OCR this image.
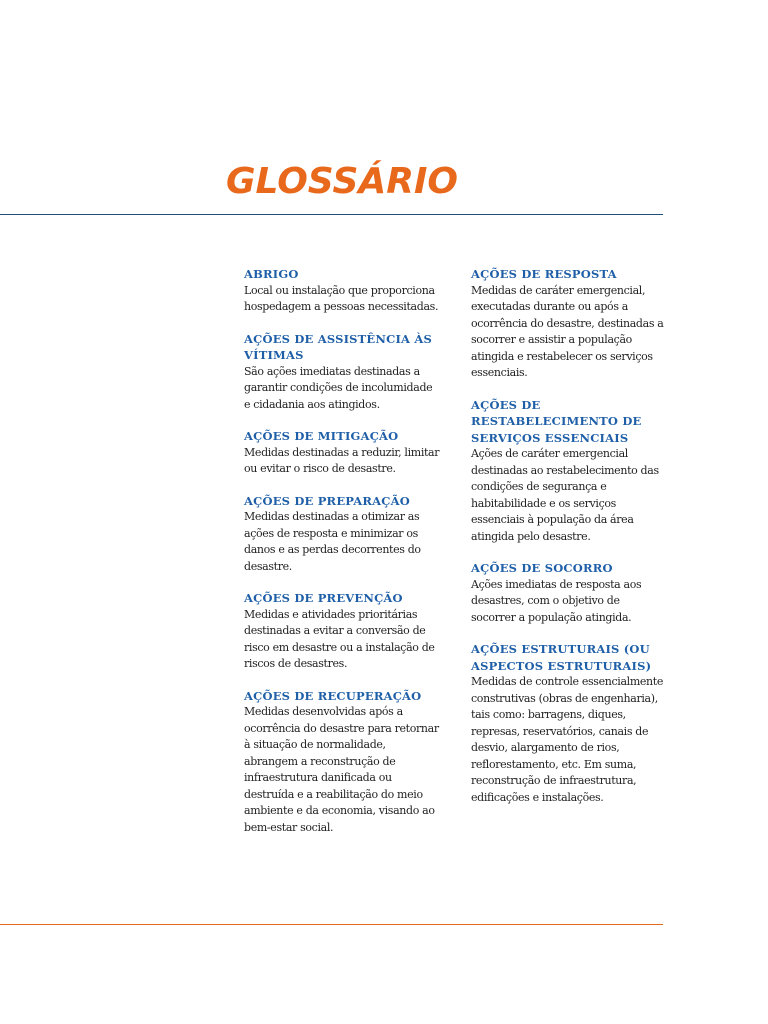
GLOSSÁRIO

ABRIGO

Local ou instalação que proporciona hospedagem a pessoas necessitadas.

AÇÕES DE ASSISTÊNCIA ÀS VÍTIMAS

São ações imediatas destinadas a garantir condições de incolumidade e cidadania aos atingidos.

AÇÕES DE MITIGAÇÃO

Medidas destinadas a reduzir, limitar ou evitar o risco de desastre.

AÇÕES DE PREPARAÇÃO

Medidas destinadas a otimizar as ações de resposta e minimizar os danos e as perdas decorrentes do desastre.

AÇÕES DE PREVENÇÃO

Medidas e atividades prioritárias destinadas a evitar a conversão de risco em desastre ou a instalação de riscos de desastres.

AÇÕES DE RECUPERAÇÃO

Medidas desenvolvidas após a ocorrência do desastre para retornar à situação de normalidade, abrangem a reconstrução de infraestrutura danificada ou destruída e a reabilitação do meio ambiente e da economia, visando ao bem-estar social.

AÇÕES DE RESPOSTA

Medidas de caráter emergencial, executadas durante ou após a ocorrência do desastre, destinadas a socorrer e assistir a população atingida e restabelecer os serviços essenciais.

AÇÕES DE RESTABELECIMENTO DE SERVIÇOS ESSENCIAIS

Ações de caráter emergencial destinadas ao restabelecimento das condições de segurança e habitabilidade e os serviços essenciais à população da área atingida pelo desastre.

AÇÕES DE SOCORRO

Ações imediatas de resposta aos desastres, com o objetivo de socorrer a população atingida.

AÇÕES ESTRUTURAIS (OU ASPECTOS ESTRUTURAIS)

Medidas de controle essencialmente construtivas (obras de engenharia), tais como: barragens, diques, represas, reservatórios, canais de desvio, alargamento de rios, reflorestamento, etc. Em suma, reconstrução de infraestrutura, edificações e instalações.
